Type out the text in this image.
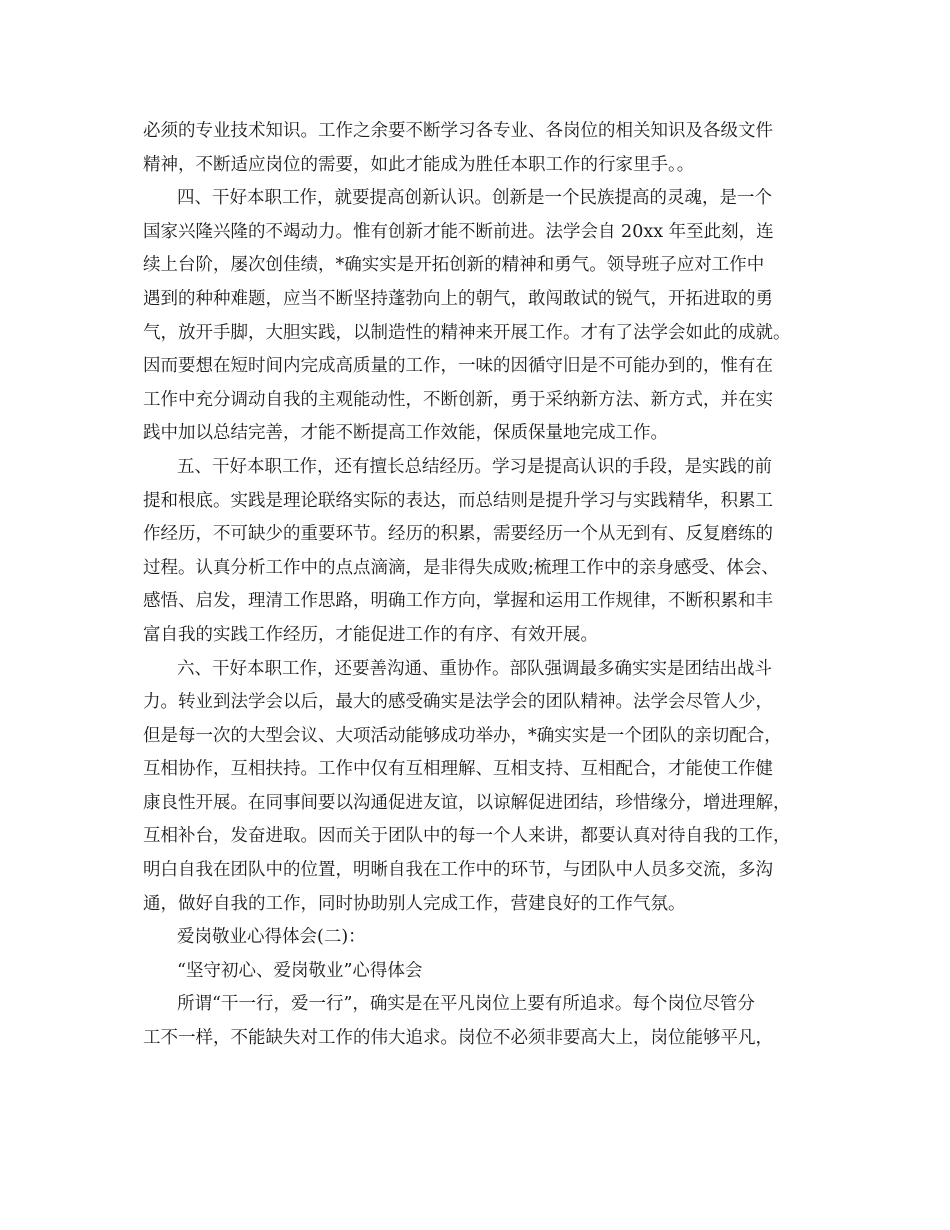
必须的专业技术知识。工作之余要不断学习各专业、各岗位的相关知识及各级文件
精神，不断适应岗位的需要，如此才能成为胜任本职工作的行家里手。。
四、干好本职工作，就要提高创新认识。创新是一个民族提高的灵魂，是一个
国家兴隆兴隆的不竭动力。惟有创新才能不断前进。法学会自 20xx 年至此刻，连
续上台阶，屡次创佳绩，*确实实是开拓创新的精神和勇气。领导班子应对工作中
遇到的种种难题，应当不断坚持蓬勃向上的朝气，敢闯敢试的锐气，开拓进取的勇
气，放开手脚，大胆实践，以制造性的精神来开展工作。才有了法学会如此的成就。
因而要想在短时间内完成高质量的工作，一味的因循守旧是不可能办到的，惟有在
工作中充分调动自我的主观能动性，不断创新，勇于采纳新方法、新方式，并在实
践中加以总结完善，才能不断提高工作效能，保质保量地完成工作。
五、干好本职工作，还有擅长总结经历。学习是提高认识的手段，是实践的前
提和根底。实践是理论联络实际的表达，而总结则是提升学习与实践精华，积累工
作经历，不可缺少的重要环节。经历的积累，需要经历一个从无到有、反复磨练的
过程。认真分析工作中的点点滴滴，是非得失成败;梳理工作中的亲身感受、体会、
感悟、启发，理清工作思路，明确工作方向，掌握和运用工作规律，不断积累和丰
富自我的实践工作经历，才能促进工作的有序、有效开展。
六、干好本职工作，还要善沟通、重协作。部队强调最多确实实是团结出战斗
力。转业到法学会以后，最大的感受确实是法学会的团队精神。法学会尽管人少，
但是每一次的大型会议、大项活动能够成功举办，*确实实是一个团队的亲切配合，
互相协作，互相扶持。工作中仅有互相理解、互相支持、互相配合，才能使工作健
康良性开展。在同事间要以沟通促进友谊，以谅解促进团结，珍惜缘分，增进理解，
互相补台，发奋进取。因而关于团队中的每一个人来讲，都要认真对待自我的工作，
明白自我在团队中的位置，明晰自我在工作中的环节，与团队中人员多交流，多沟
通，做好自我的工作，同时协助别人完成工作，营建良好的工作气氛。
爱岗敬业心得体会(二)：
“坚守初心、爱岗敬业”心得体会
所谓“干一行，爱一行”，确实是在平凡岗位上要有所追求。每个岗位尽管分
工不一样，不能缺失对工作的伟大追求。岗位不必须非要高大上，岗位能够平凡，
